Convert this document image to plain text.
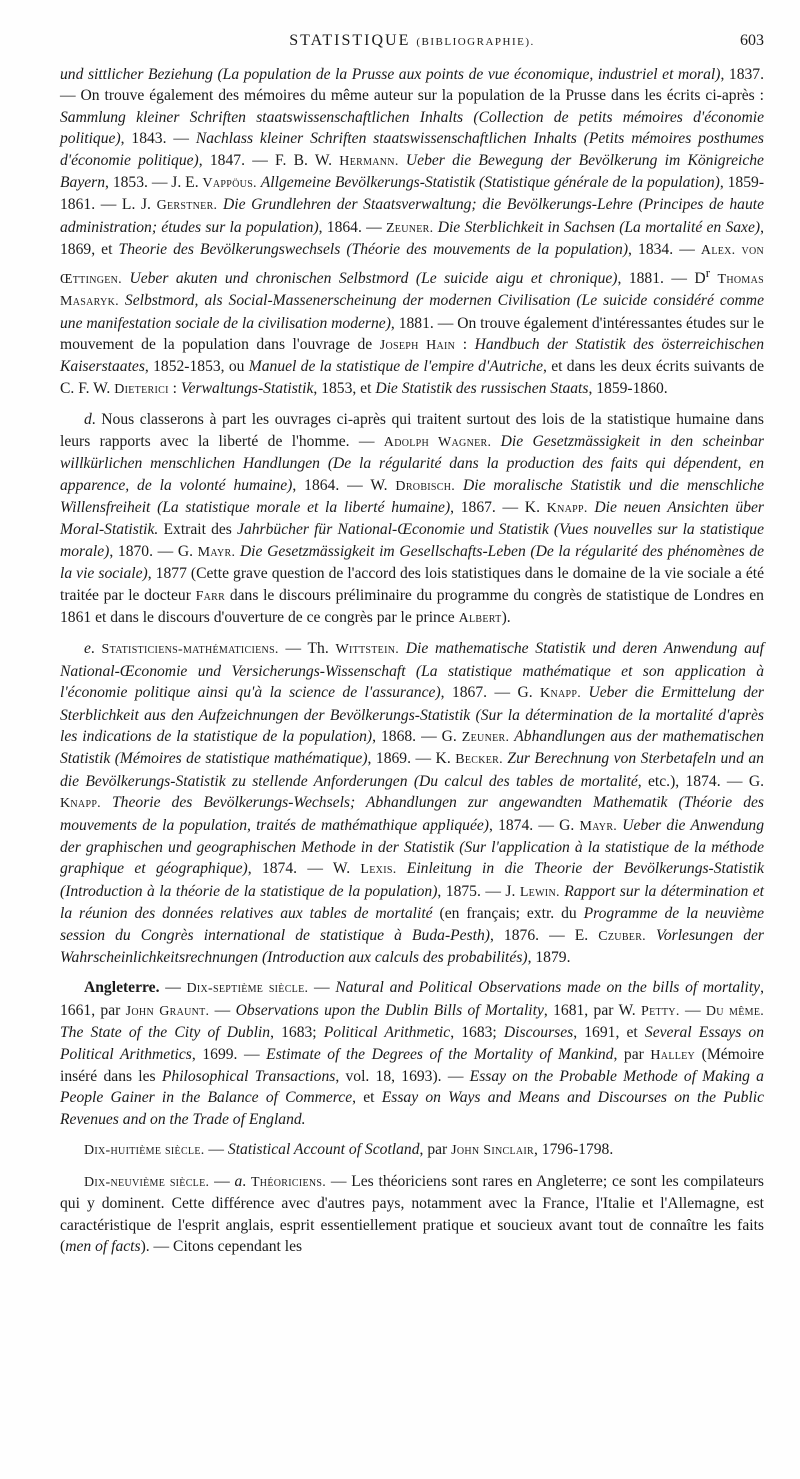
STATISTIQUE (BIBLIOGRAPHIE).	603

und sittlicher Beziehung (La population de la Prusse aux points de vue économique, industriel et moral), 1837. — On trouve également des mémoires du même auteur sur la population de la Prusse dans les écrits ci-après : Sammlung kleiner Schriften staatswissenschaftlichen Inhalts (Collection de petits mémoires d'économie politique), 1843. — Nachlass kleiner Schriften staatswissenschaftlichen Inhalts (Petits mémoires posthumes d'économie politique), 1847. — F. B. W. Hermann. Ueber die Bewegung der Bevölkerung im Königreiche Bayern, 1853. — J. E. Vappöus. Allgemeine Bevölkerungs-Statistik (Statistique générale de la population), 1859-1861. — L. J. Gerstner. Die Grundlehren der Staatsverwaltung; die Bevölkerungs-Lehre (Principes de haute administration; études sur la population), 1864. — Zeuner. Die Sterblichkeit in Sachsen (La mortalité en Saxe), 1869, et Theorie des Bevölkerungswechsels (Théorie des mouvements de la population), 1834. — Alex. von Œttingen. Ueber akuten und chronischen Selbstmord (Le suicide aigu et chronique), 1881. — $D^r$ Thomas Masaryk. Selbstmord, als Social-Massenerscheinung der modernen Civilisation (Le suicide considéré comme une manifestation sociale de la civilisation moderne), 1881. — On trouve également d'intéressantes études sur le mouvement de la population dans l'ouvrage de Joseph Hain : Handbuch der Statistik des österreichischen Kaiserstaates, 1852-1853, ou Manuel de la statistique de l'empire d'Autriche, et dans les deux écrits suivants de C. F. W. Dieterici : Verwaltungs-Statistik, 1853, et Die Statistik des russischen Staats, 1859-1860.

d. Nous classerons à part les ouvrages ci-après qui traitent surtout des lois de la statistique humaine dans leurs rapports avec la liberté de l'homme. — Adolph Wagner. Die Gesetzmässigkeit in den scheinbar willkürlichen menschlichen Handlungen (De la régularité dans la production des faits qui dépendent, en apparence, de la volonté humaine), 1864. — W. Drobisch. Die moralische Statistik und die menschliche Willensfreiheit (La statistique morale et la liberté humaine), 1867. — K. Knapp. Die neuen Ansichten über Moral-Statistik. Extrait des Jahrbücher für National-Œconomie und Statistik (Vues nouvelles sur la statistique morale), 1870. — G. Mayr. Die Gesetzmässigkeit im Gesellschafts-Leben (De la régularité des phénomènes de la vie sociale), 1877 (Cette grave question de l'accord des lois statistiques dans le domaine de la vie sociale a été traitée par le docteur Farr dans le discours préliminaire du programme du congrès de statistique de Londres en 1861 et dans le discours d'ouverture de ce congrès par le prince Albert).

e. Statisticiens-mathématiciens. — Th. Wittstein. Die mathematische Statistik und deren Anwendung auf National-Œconomie und Versicherungs-Wissenschaft (La statistique mathématique et son application à l'économie politique ainsi qu'à la science de l'assurance), 1867. — G. Knapp. Ueber die Ermittelung der Sterblichkeit aus den Aufzeichnungen der Bevölkerungs-Statistik (Sur la détermination de la mortalité d'après les indications de la statistique de la population), 1868. — G. Zeuner. Abhandlungen aus der mathematischen Statistik (Mémoires de statistique mathématique), 1869. — K. Becker. Zur Berechnung von Sterbetafeln und an die Bevölkerungs-Statistik zu stellende Anforderungen (Du calcul des tables de mortalité, etc.), 1874. — G. Knapp. Theorie des Bevölkerungs-Wechsels; Abhandlungen zur angewandten Mathematik (Théorie des mouvements de la population, traités de mathémathique appliquée), 1874. — G. Mayr. Ueber die Anwendung der graphischen und geographischen Methode in der Statistik (Sur l'application à la statistique de la méthode graphique et géographique), 1874. — W. Lexis. Einleitung in die Theorie der Bevölkerungs-Statistik (Introduction à la théorie de la statistique de la population), 1875. — J. Lewin. Rapport sur la détermination et la réunion des données relatives aux tables de mortalité (en français; extr. du Programme de la neuvième session du Congrès international de statistique à Buda-Pesth), 1876. — E. Czuber. Vorlesungen der Wahrscheinlichkeitsrechnungen (Introduction aux calculs des probabilités), 1879.

Angleterre. — Dix-septième siècle. — Natural and Political Observations made on the bills of mortality, 1661, par John Graunt. — Observations upon the Dublin Bills of Mortality, 1681, par W. Petty. — Du même. The State of the City of Dublin, 1683; Political Arithmetic, 1683; Discourses, 1691, et Several Essays on Political Arithmetics, 1699. — Estimate of the Degrees of the Mortality of Mankind, par Halley (Mémoire inséré dans les Philosophical Transactions, vol. 18, 1693). — Essay on the Probable Methode of Making a People Gainer in the Balance of Commerce, et Essay on Ways and Means and Discourses on the Public Revenues and on the Trade of England.

Dix-huitième siècle. — Statistical Account of Scotland, par John Sinclair, 1796-1798.

Dix-neuvième siècle. — a. Théoriciens. — Les théoriciens sont rares en Angleterre; ce sont les compilateurs qui y dominent. Cette différence avec d'autres pays, notamment avec la France, l'Italie et l'Allemagne, est caractéristique de l'esprit anglais, esprit essentiellement pratique et soucieux avant tout de connaître les faits (men of facts). — Citons cependant les
